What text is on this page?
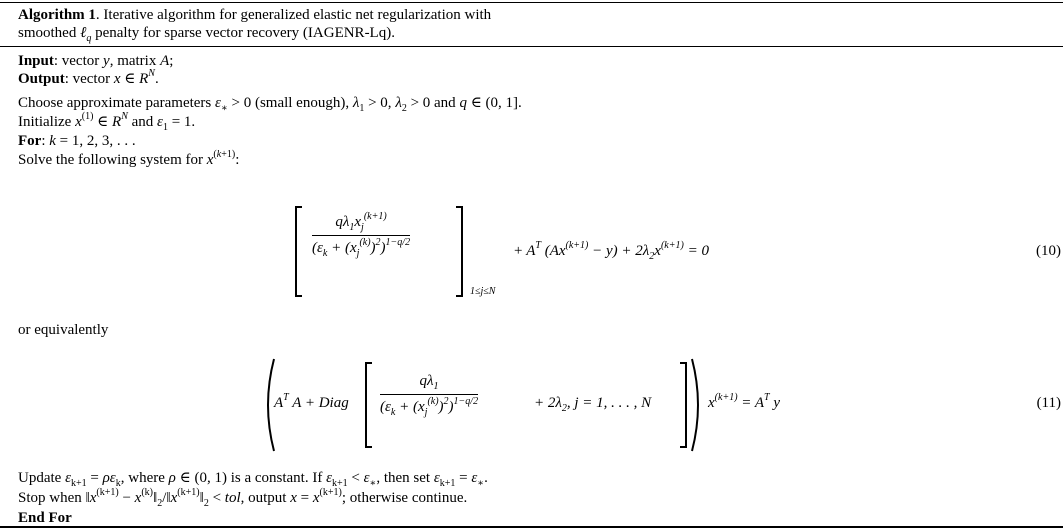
Algorithm 1. Iterative algorithm for generalized elastic net regularization with
smoothed ℓ$_q$ penalty for sparse vector recovery (IAGENR-Lq).
Input: vector y, matrix A;
Output: vector x ∈ $R^N$.
Choose approximate parameters $\varepsilon_∗ > 0$ (small enough), $\lambda_1 > 0$, $\lambda_2 > 0$ and q ∈ (0, 1].
Initialize $x^{(1)}$ ∈ $R^N$ and $\varepsilon_1 = 1$.
For: k = 1, 2, 3, . . .
Solve the following system for $x^{(k+1)}$:
$\frac{q\lambda_1x_j^{(k+1)}}{(\varepsilon_k + (x_j^{(k)})^2)^{1-q/2}}$
1≤j≤N
+ $A^T$ $(Ax^{(k+1)} - y) + 2\lambda_2x^{(k+1)} = 0$	(10)
or equivalently
$A^T$ A + Diag $\frac{q\lambda_1}{(\varepsilon_k + (x_j^{(k)})^2)^{1-q/2}}$	+ $2\lambda_2$, j = 1, . . . , N	$x^{(k+1)} = A^T$ y	(11)
Update $\varepsilon_{k+1} = \rho\varepsilon_k$, where ρ ∈ (0, 1) is a constant. If $\varepsilon_{k+1} < \varepsilon_∗$, then set $\varepsilon_{k+1} = \varepsilon_∗$.
Stop when $‖x^{(k+1)}$ − $x^{(k)}‖_2/‖x^{(k+1)}‖_2$ < tol, output $x = x^{(k+1)}$; otherwise continue.
End For
